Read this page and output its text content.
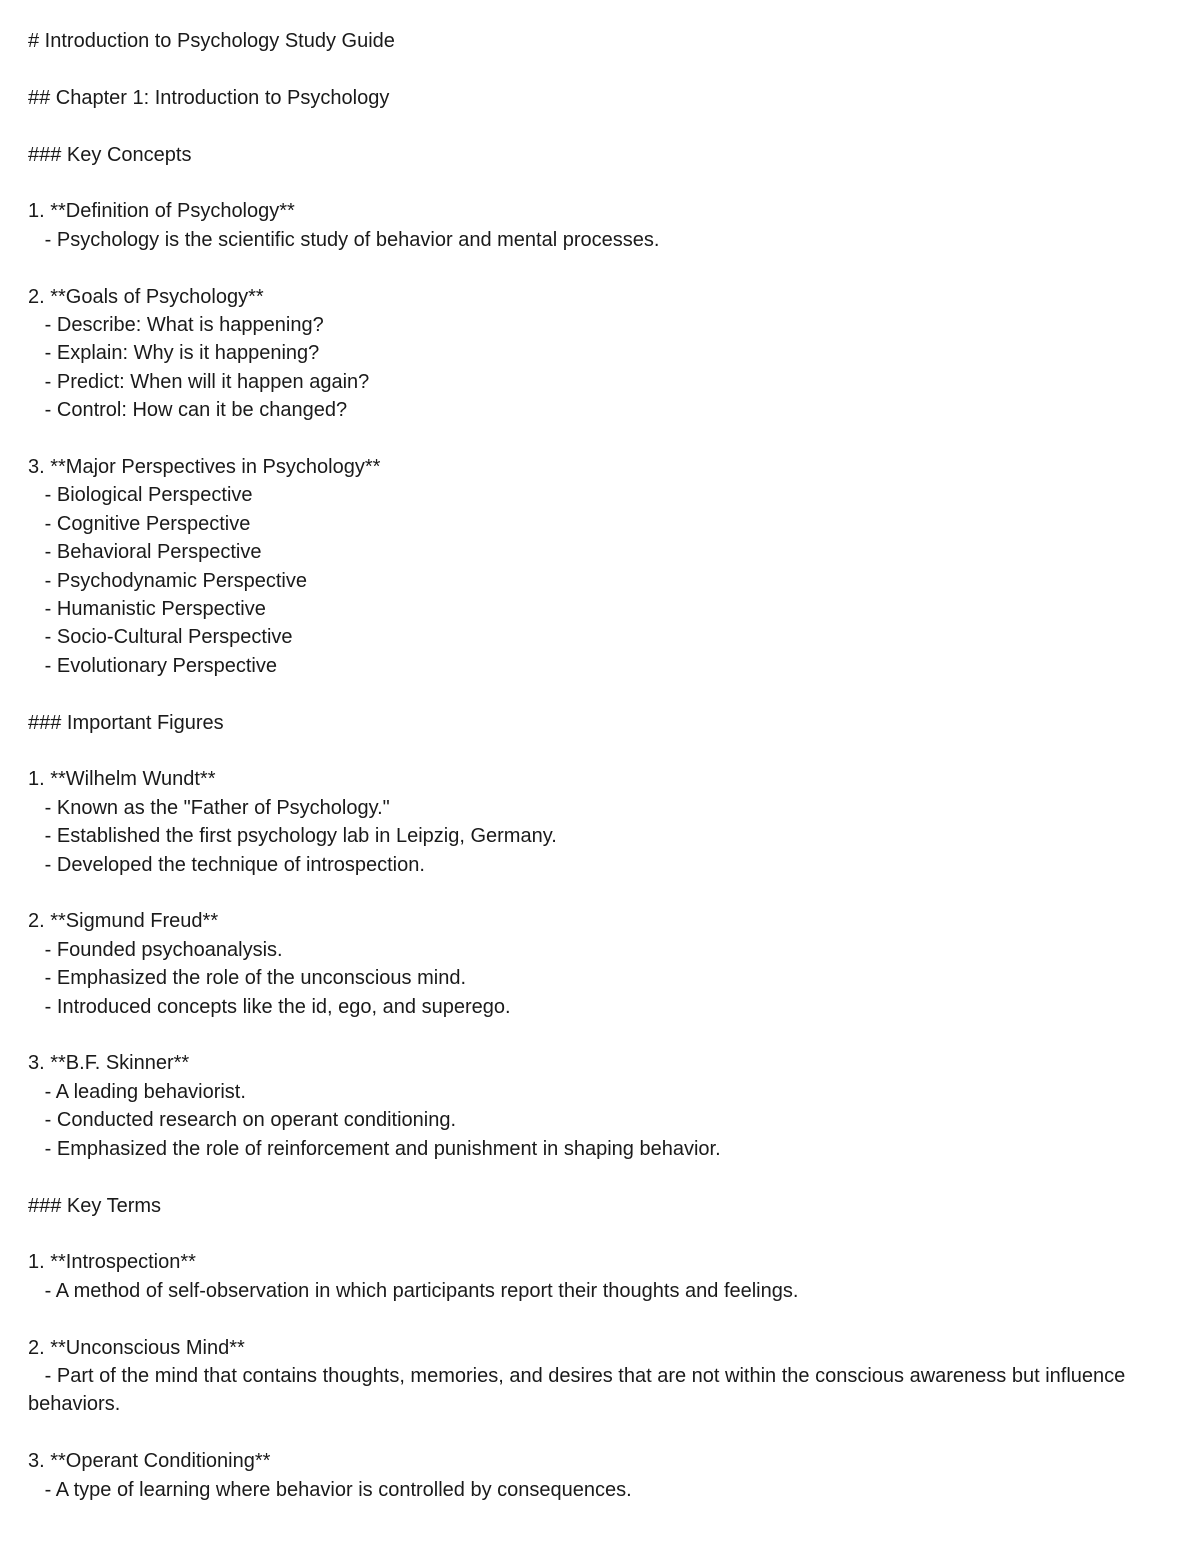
# Introduction to Psychology Study Guide
## Chapter 1: Introduction to Psychology
### Key Concepts
1. **Definition of Psychology**
- Psychology is the scientific study of behavior and mental processes.
2. **Goals of Psychology**
- Describe: What is happening?
- Explain: Why is it happening?
- Predict: When will it happen again?
- Control: How can it be changed?
3. **Major Perspectives in Psychology**
- Biological Perspective
- Cognitive Perspective
- Behavioral Perspective
- Psychodynamic Perspective
- Humanistic Perspective
- Socio-Cultural Perspective
- Evolutionary Perspective
### Important Figures
1. **Wilhelm Wundt**
- Known as the "Father of Psychology."
- Established the first psychology lab in Leipzig, Germany.
- Developed the technique of introspection.
2. **Sigmund Freud**
- Founded psychoanalysis.
- Emphasized the role of the unconscious mind.
- Introduced concepts like the id, ego, and superego.
3. **B.F. Skinner**
- A leading behaviorist.
- Conducted research on operant conditioning.
- Emphasized the role of reinforcement and punishment in shaping behavior.
### Key Terms
1. **Introspection**
- A method of self-observation in which participants report their thoughts and feelings.
2. **Unconscious Mind**
- Part of the mind that contains thoughts, memories, and desires that are not within the conscious awareness but influence behaviors.
3. **Operant Conditioning**
- A type of learning where behavior is controlled by consequences.
